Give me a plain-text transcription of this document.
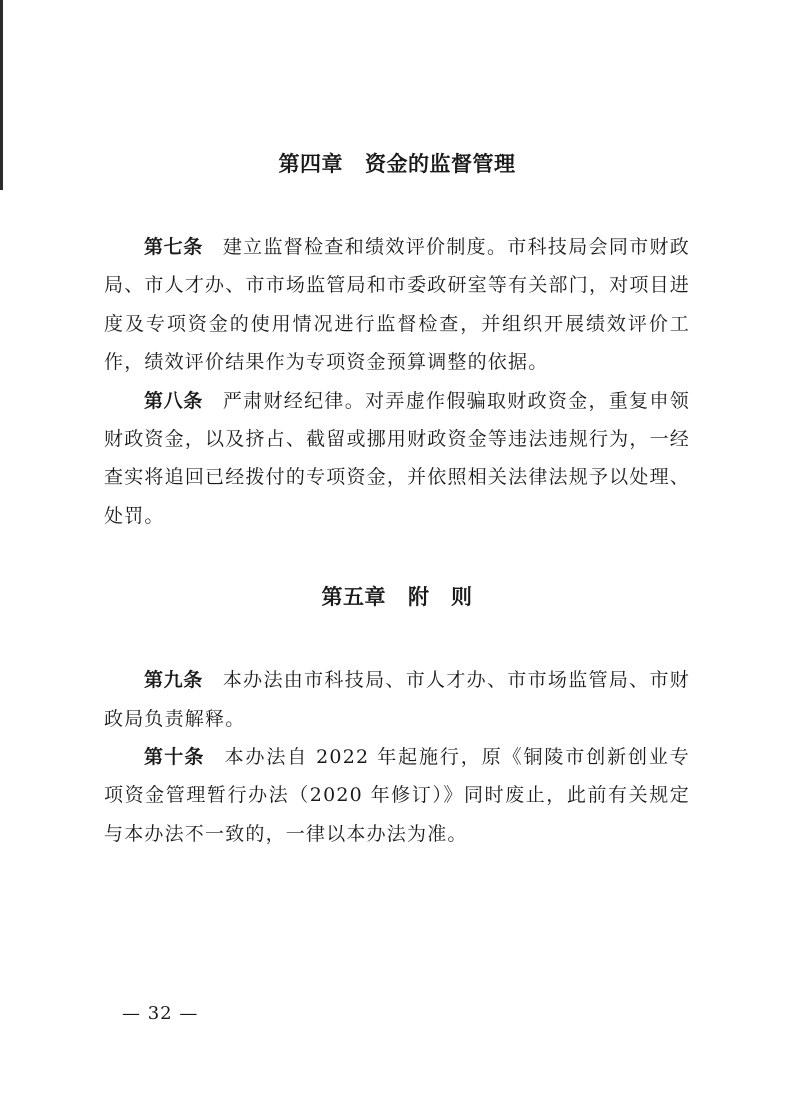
第四章 资金的监督管理

第七条 建立监督检查和绩效评价制度。市科技局会同市财政局、市人才办、市市场监管局和市委政研室等有关部门，对项目进度及专项资金的使用情况进行监督检查，并组织开展绩效评价工作，绩效评价结果作为专项资金预算调整的依据。

第八条 严肃财经纪律。对弄虚作假骗取财政资金，重复申领财政资金，以及挤占、截留或挪用财政资金等违法违规行为，一经查实将追回已经拨付的专项资金，并依照相关法律法规予以处理、处罚。

第五章 附　则

第九条 本办法由市科技局、市人才办、市市场监管局、市财政局负责解释。

第十条 本办法自 2022 年起施行，原《铜陵市创新创业专项资金管理暂行办法（2020 年修订）》同时废止，此前有关规定与本办法不一致的，一律以本办法为准。

— 32 —
